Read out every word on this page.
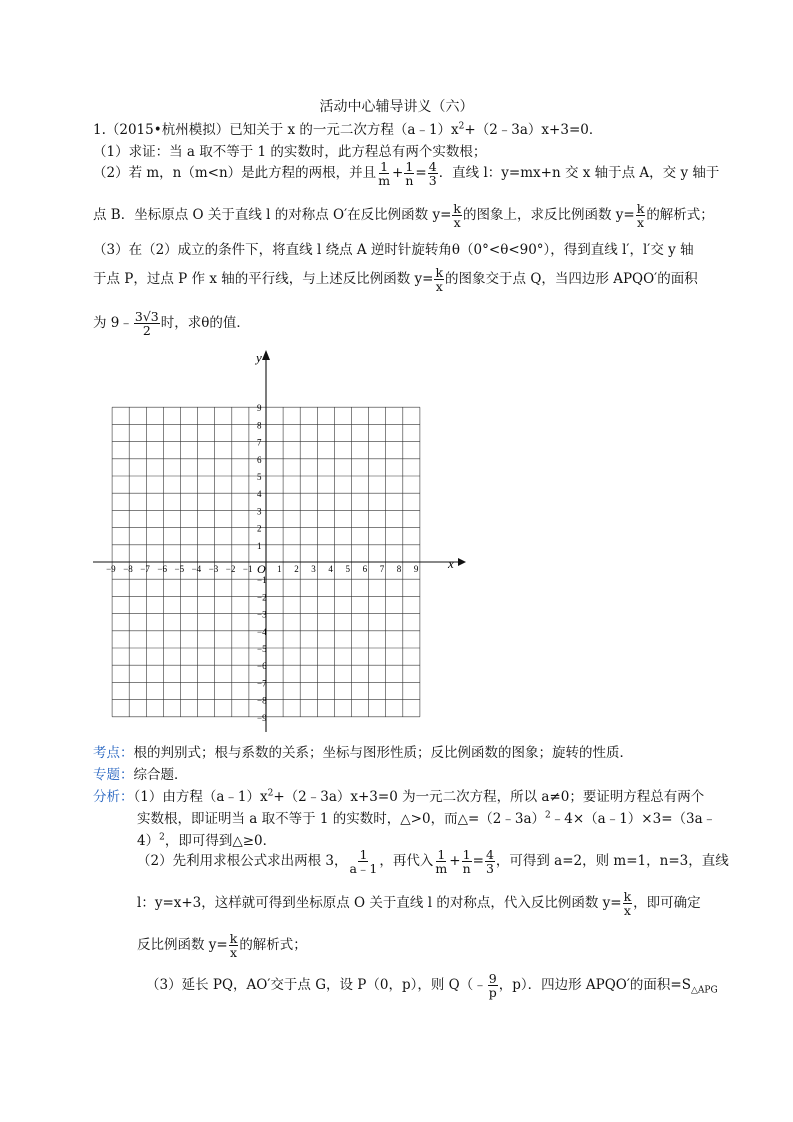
活动中心辅导讲义（六）
1.（2015•杭州模拟）已知关于 x 的一元二次方程$(a﹣1)x^2+(2﹣3a)x+3=0$．
（1）求证：当 a 取不等于 1 的实数时，此方程总有两个实数根；
（2）若 m，n（m<n）是此方程的两根，并且 $\frac{1}{m} + \frac{1}{n} = \frac{4}{3}$ ．直线 l：y=mx+n 交 x 轴于点 A，交 y 轴于
点 B．坐标原点 O 关于直线 l 的对称点 O′在反比例函数 $y= \frac{k}{x}$ 的图象上，求反比例函数 $y= \frac{k}{x}$ 的解析式；
（3）在（2）成立的条件下，将直线 l 绕点 A 逆时针旋转角θ（0°<θ<90°），得到直线 l′，l′交 y 轴
于点 P，过点 P 作 x 轴的平行线，与上述反比例函数 $y= \frac{k}{x}$ 的图象交于点 Q，当四边形 APQO′的面积
为 9﹣ $\frac{3√3}{2}$ 时，求θ的值．
y
x
O
−9 −8 −7 −6 −5 −4 −3 −2 −1	1 2 3 4 5 6 7 8 9
9
8
7
6
5
4
3
2
1
−1
−2
−3
−4
−5
−6
−7
−8
−9
考点：根的判别式；根与系数的关系；坐标与图形性质；反比例函数的图象；旋转的性质．
专题：综合题．
分析：（1）由方程$(a﹣1)x^2+(2﹣3a)x+3=0$ 为一元二次方程，所以 a≠0；要证明方程总有两个
实数根，即证明当 a 取不等于 1 的实数时，△>0，而△=（2﹣3a）$^2$﹣4×（a﹣1）×3=（3a﹣
4）$^2$，即可得到△≥0．
（2）先利用求根公式求出两根 3， $\frac{1}{a﹣1}$ ，再代入 $\frac{1}{m} + \frac{1}{n} = \frac{4}{3}$ ，可得到 a=2，则 m=1，n=3，直线
l：y=x+3，这样就可得到坐标原点 O 关于直线 l 的对称点，代入反比例函数 $y= \frac{k}{x}$ ，即可确定
反比例函数 $y= \frac{k}{x}$ 的解析式；
（3）延长 PQ，AO′交于点 G，设 P（0，p），则 Q（﹣ $\frac{9}{p}$ ，p）．四边形 APQO′的面积$=S_{\triangle APG}$
